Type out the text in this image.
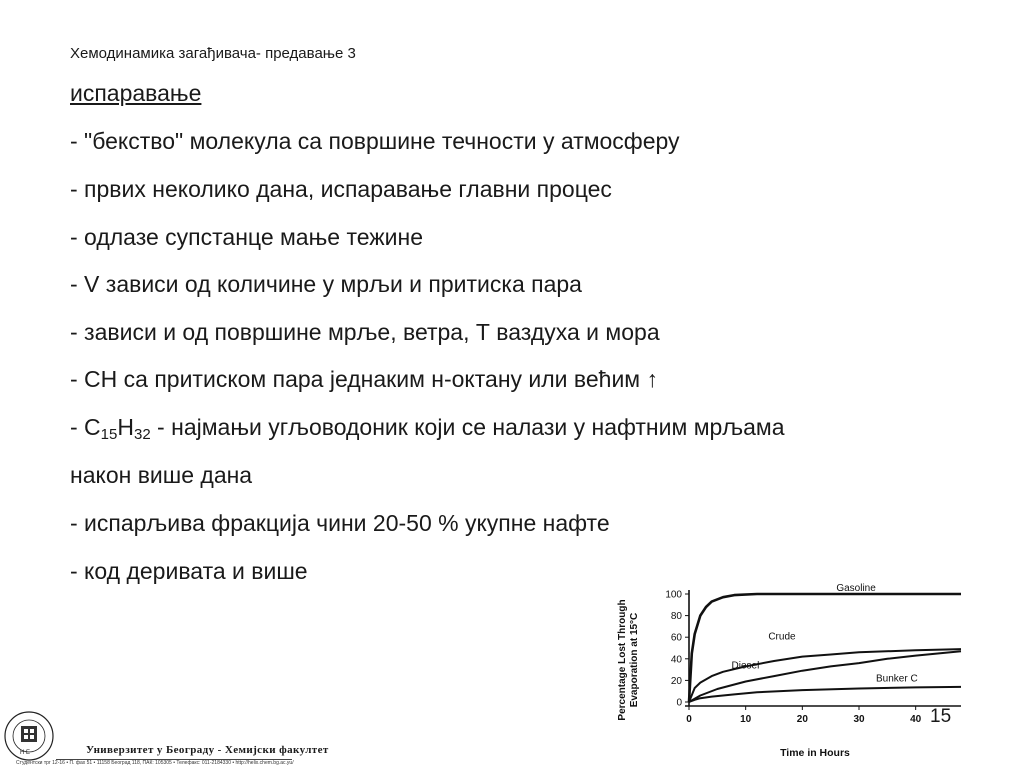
Хемодинамика загађивача- предавање 3
испаравање
- "бекство" молекула са површине течности у атмосферу
- првих неколико дана, испаравање главни процес
- одлазе супстанце мање тежине
- V зависи од количине у мрљи и притиска пара
- зависи и од површине мрље, ветра, Т ваздуха и мора
- СН са притиском пара једнаким н-октану или већим ↑
- $C_{15}H_{32}$ - најмањи угљоводоник који се налази у нафтним мрљама
након више дана
- испарљива фракција чини 20-50 % укупне нафте
- код деривата и више
0
20
40
60
80
100
0	10	20	30	40
Time in Hours
Percentage Lost Through Evaporation at 15°C
Gasoline
Crude
Diesel
Bunker C
15
Н Е	Универзитет у Београду - Хемијски факултет
Студентски трг 12-16 • П. фах 51 • 11158 Београд 118, ПАК: 105305 • Телефакс: 011-2184330 • http://helix.chem.bg.ac.yu/
